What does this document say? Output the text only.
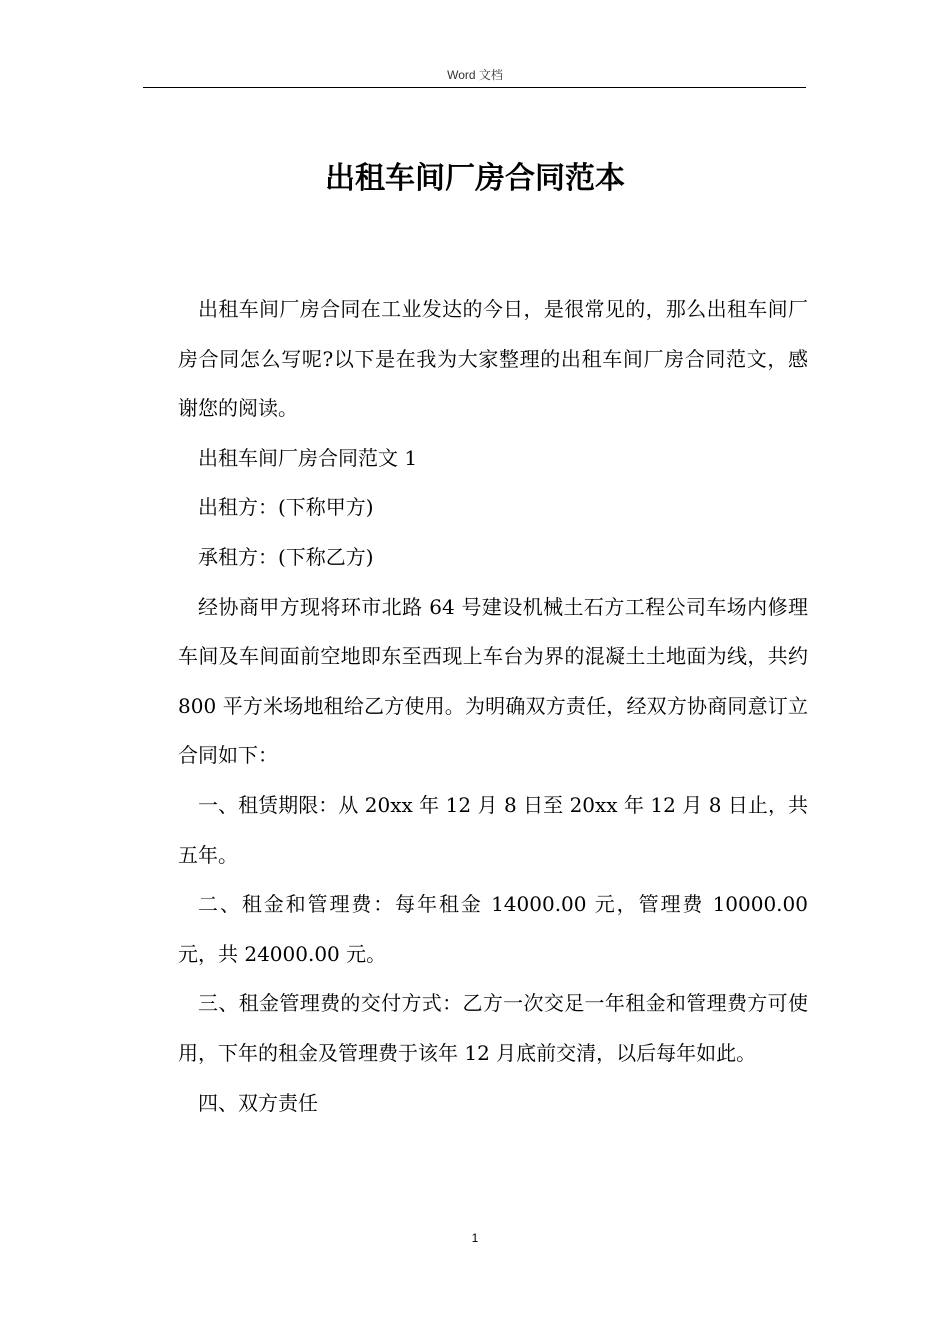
Word 文档
出租车间厂房合同范本

出租车间厂房合同在工业发达的今日，是很常见的，那么出租车间厂房合同怎么写呢?以下是在我为大家整理的出租车间厂房合同范文，感谢您的阅读。

出租车间厂房合同范文 1

出租方：(下称甲方)

承租方：(下称乙方)

经协商甲方现将环市北路 64 号建设机械土石方工程公司车场内修理车间及车间面前空地即东至西现上车台为界的混凝土土地面为线，共约 800 平方米场地租给乙方使用。为明确双方责任，经双方协商同意订立合同如下：

一、租赁期限：从 20xx 年 12 月 8 日至 20xx 年 12 月 8 日止，共五年。

二、租金和管理费：每年租金 14000.00 元，管理费 10000.00 元，共 24000.00 元。

三、租金管理费的交付方式：乙方一次交足一年租金和管理费方可使用，下年的租金及管理费于该年 12 月底前交清，以后每年如此。

四、双方责任

1
